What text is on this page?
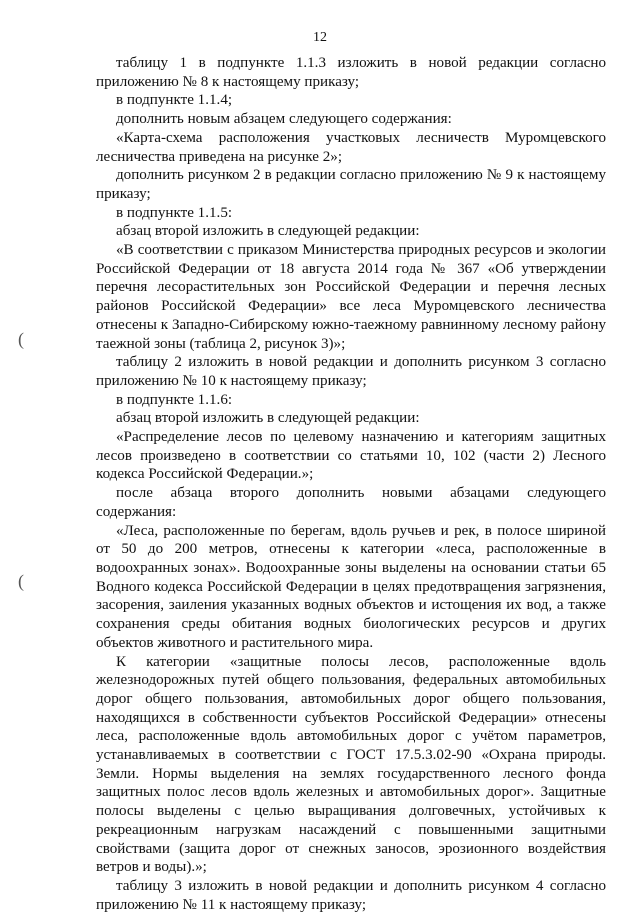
12
(
(

таблицу 1 в подпункте 1.1.3 изложить в новой редакции согласно приложению № 8 к настоящему приказу;

в подпункте 1.1.4;

дополнить новым абзацем следующего содержания:

«Карта-схема расположения участковых лесничеств Муромцевского лесничества приведена на рисунке 2»;

дополнить рисунком 2 в редакции согласно приложению № 9 к настоящему приказу;

в подпункте 1.1.5:

абзац второй изложить в следующей редакции:

«В соответствии с приказом Министерства природных ресурсов и экологии Российской Федерации от 18 августа 2014 года № 367 «Об утверждении перечня лесорастительных зон Российской Федерации и перечня лесных районов Российской Федерации» все леса Муромцевского лесничества отнесены к Западно-Сибирскому южно-таежному равнинному лесному району таежной зоны (таблица 2, рисунок 3)»;

таблицу 2 изложить в новой редакции и дополнить рисунком 3 согласно приложению № 10 к настоящему приказу;

в подпункте 1.1.6:

абзац второй изложить в следующей редакции:

«Распределение лесов по целевому назначению и категориям защитных лесов произведено в соответствии со статьями 10, 102 (части 2) Лесного кодекса Российской Федерации.»;

после абзаца второго дополнить новыми абзацами следующего содержания:

«Леса, расположенные по берегам, вдоль ручьев и рек, в полосе шириной от 50 до 200 метров, отнесены к категории «леса, расположенные в водоохранных зонах». Водоохранные зоны выделены на основании статьи 65 Водного кодекса Российской Федерации в целях предотвращения загрязнения, засорения, заиления указанных водных объектов и истощения их вод, а также сохранения среды обитания водных биологических ресурсов и других объектов животного и растительного мира.

К категории «защитные полосы лесов, расположенные вдоль железнодорожных путей общего пользования, федеральных автомобильных дорог общего пользования, автомобильных дорог общего пользования, находящихся в собственности субъектов Российской Федерации» отнесены леса, расположенные вдоль автомобильных дорог с учётом параметров, устанавливаемых в соответствии с ГОСТ 17.5.3.02-90 «Охрана природы. Земли. Нормы выделения на землях государственного лесного фонда защитных полос лесов вдоль железных и автомобильных дорог». Защитные полосы выделены с целью выращивания долговечных, устойчивых к рекреационным нагрузкам насаждений с повышенными защитными свойствами (защита дорог от снежных заносов, эрозионного воздействия ветров и воды).»;

таблицу 3 изложить в новой редакции и дополнить рисунком 4 согласно приложению № 11 к настоящему приказу;
